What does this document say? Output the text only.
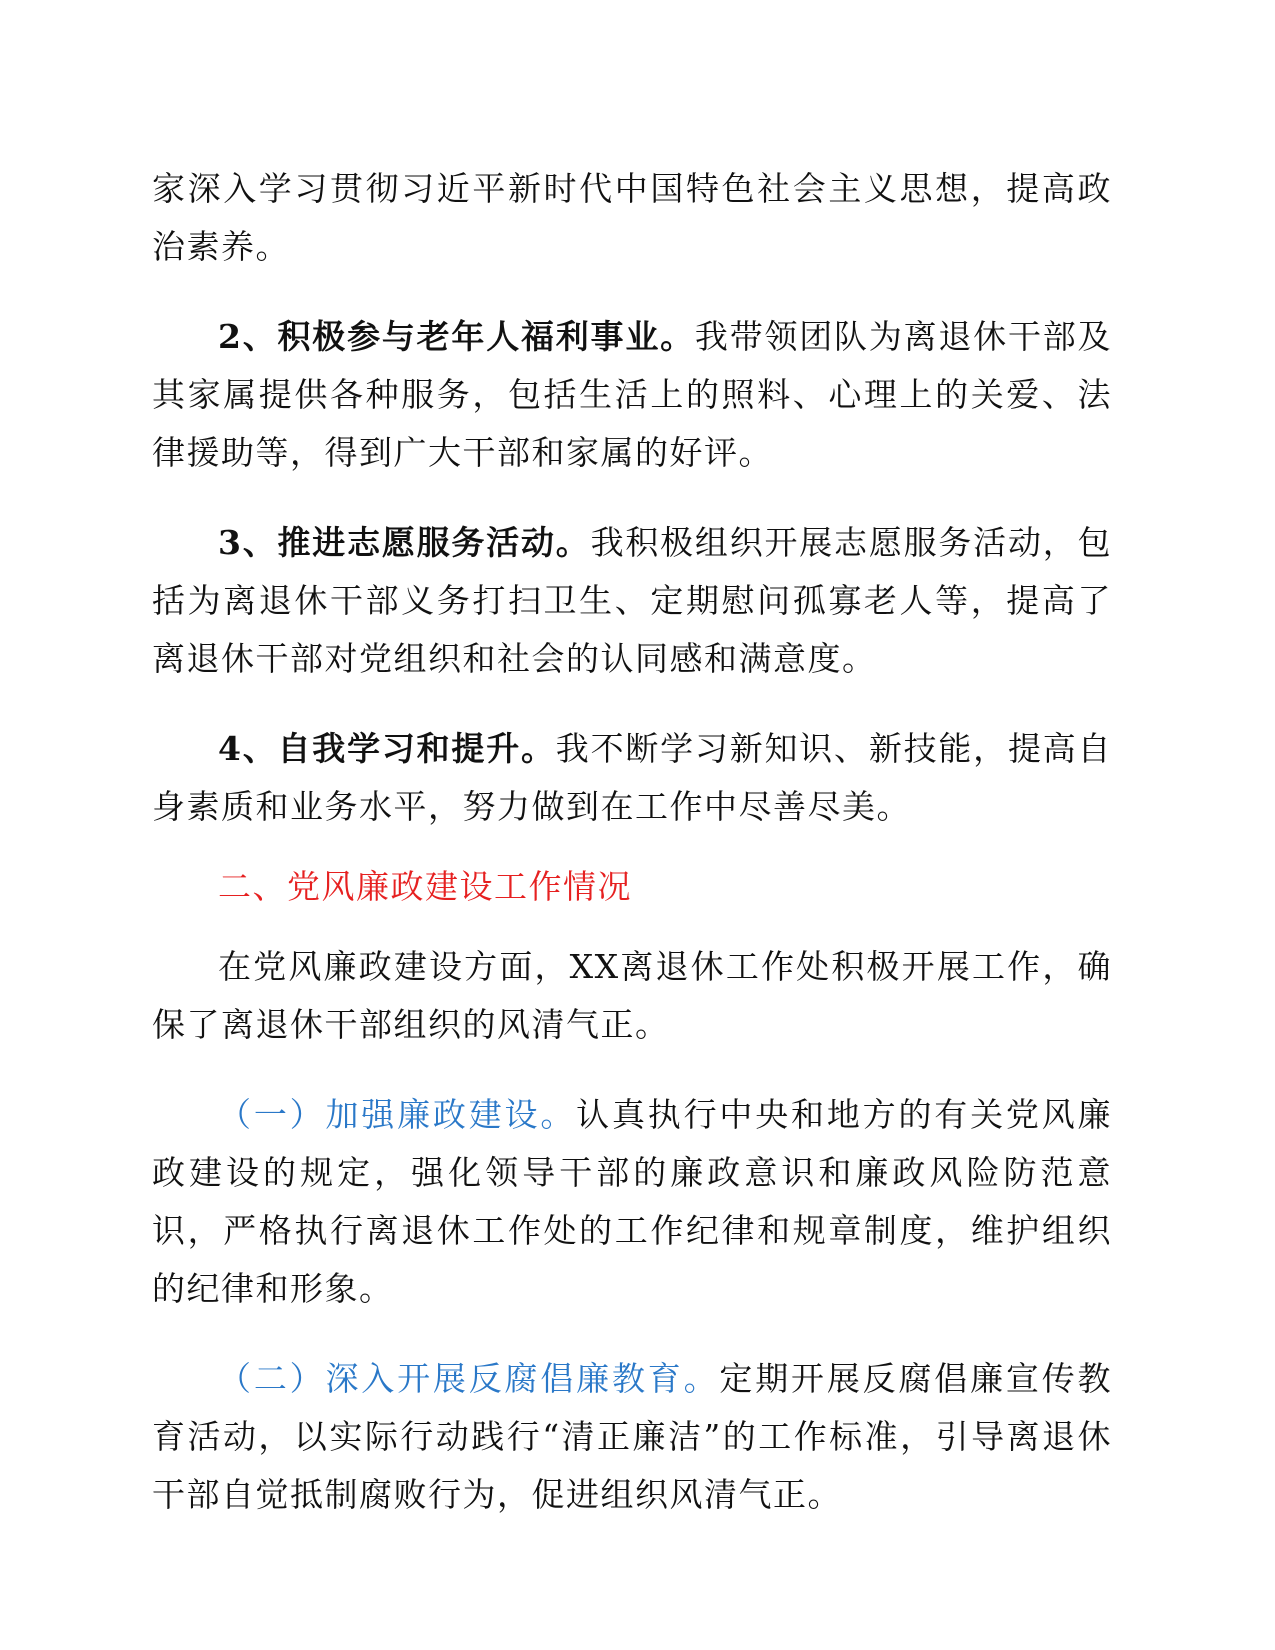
家深入学习贯彻习近平新时代中国特色社会主义思想，提高政治素养。

2、积极参与老年人福利事业。我带领团队为离退休干部及其家属提供各种服务，包括生活上的照料、心理上的关爱、法律援助等，得到广大干部和家属的好评。

3、推进志愿服务活动。我积极组织开展志愿服务活动，包括为离退休干部义务打扫卫生、定期慰问孤寡老人等，提高了离退休干部对党组织和社会的认同感和满意度。

4、自我学习和提升。我不断学习新知识、新技能，提高自身素质和业务水平，努力做到在工作中尽善尽美。

二、党风廉政建设工作情况

在党风廉政建设方面，XX离退休工作处积极开展工作，确保了离退休干部组织的风清气正。

（一）加强廉政建设。认真执行中央和地方的有关党风廉政建设的规定，强化领导干部的廉政意识和廉政风险防范意识，严格执行离退休工作处的工作纪律和规章制度，维护组织的纪律和形象。

（二）深入开展反腐倡廉教育。定期开展反腐倡廉宣传教育活动，以实际行动践行“清正廉洁”的工作标准，引导离退休干部自觉抵制腐败行为，促进组织风清气正。
